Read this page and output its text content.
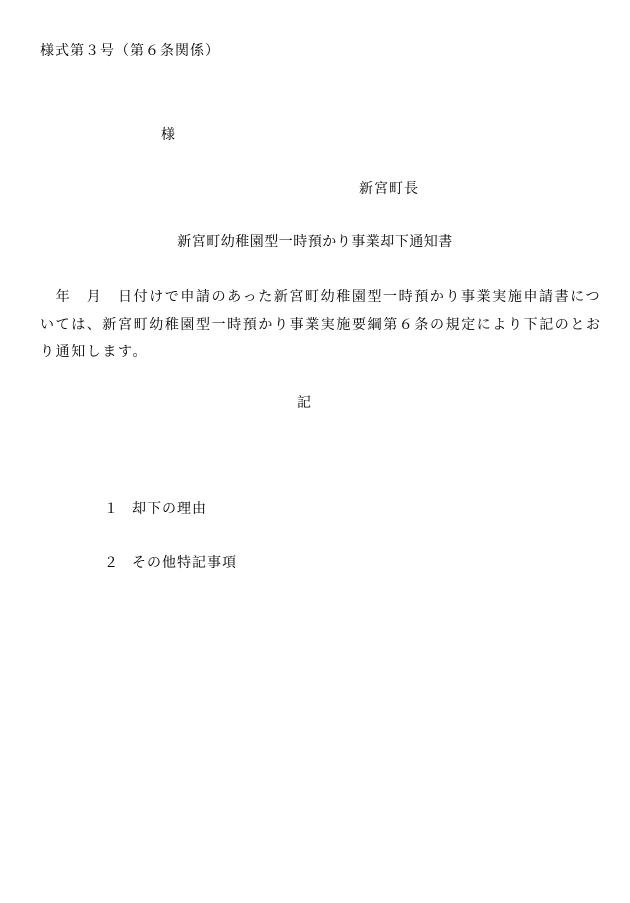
様式第３号（第６条関係）
様
新宮町長
新宮町幼稚園型一時預かり事業却下通知書
　年　月　日付けで申請のあった新宮町幼稚園型一時預かり事業実施申請書につ
いては、新宮町幼稚園型一時預かり事業実施要綱第６条の規定により下記のとお
り通知します。
記
１ 却下の理由
２ その他特記事項
